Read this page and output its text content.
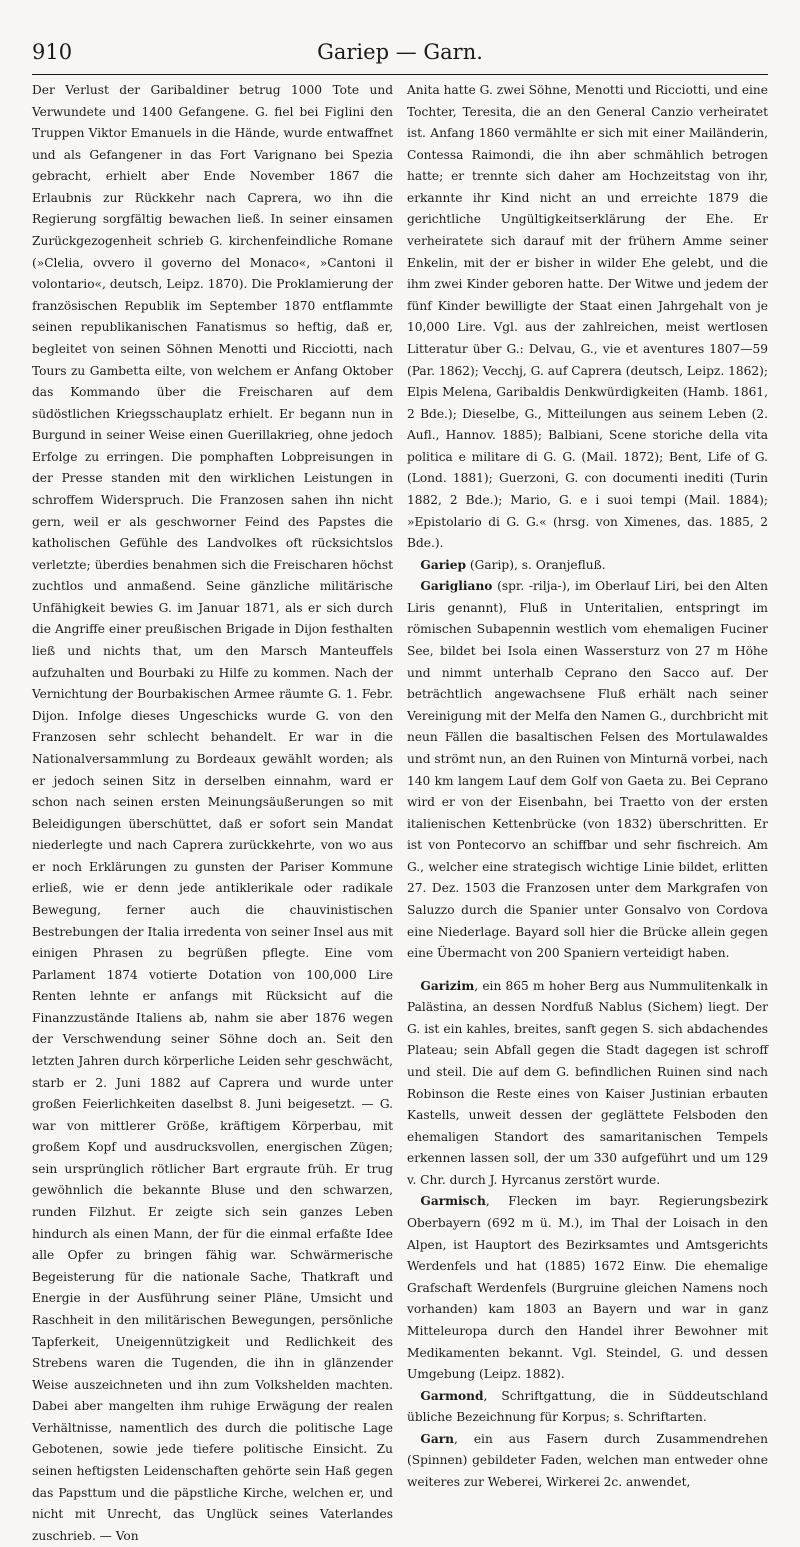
910	Gariep — Garn.

Der Verlust der Garibaldiner betrug 1000 Tote und Verwundete und 1400 Gefangene. G. fiel bei Figlini den Truppen Viktor Emanuels in die Hände, wurde entwaffnet und als Gefangener in das Fort Varignano bei Spezia gebracht, erhielt aber Ende November 1867 die Erlaubnis zur Rückkehr nach Caprera, wo ihn die Regierung sorgfältig bewachen ließ. In seiner einsamen Zurückgezogenheit schrieb G. kirchenfeindliche Romane (»Clelia, ovvero il governo del Monaco«, »Cantoni il volontario«, deutsch, Leipz. 1870). Die Proklamierung der französischen Republik im September 1870 entflammte seinen republikanischen Fanatismus so heftig, daß er, begleitet von seinen Söhnen Menotti und Ricciotti, nach Tours zu Gambetta eilte, von welchem er Anfang Oktober das Kommando über die Freischaren auf dem südöstlichen Kriegsschauplatz erhielt. Er begann nun in Burgund in seiner Weise einen Guerillakrieg, ohne jedoch Erfolge zu erringen. Die pomphaften Lobpreisungen in der Presse standen mit den wirklichen Leistungen in schroffem Widerspruch. Die Franzosen sahen ihn nicht gern, weil er als geschworner Feind des Papstes die katholischen Gefühle des Landvolkes oft rücksichtslos verletzte; überdies benahmen sich die Freischaren höchst zuchtlos und anmaßend. Seine gänzliche militärische Unfähigkeit bewies G. im Januar 1871, als er sich durch die Angriffe einer preußischen Brigade in Dijon festhalten ließ und nichts that, um den Marsch Manteuffels aufzuhalten und Bourbaki zu Hilfe zu kommen. Nach der Vernichtung der Bourbakischen Armee räumte G. 1. Febr. Dijon. Infolge dieses Ungeschicks wurde G. von den Franzosen sehr schlecht behandelt. Er war in die Nationalversammlung zu Bordeaux gewählt worden; als er jedoch seinen Sitz in derselben einnahm, ward er schon nach seinen ersten Meinungsäußerungen so mit Beleidigungen überschüttet, daß er sofort sein Mandat niederlegte und nach Caprera zurückkehrte, von wo aus er noch Erklärungen zu gunsten der Pariser Kommune erließ, wie er denn jede antiklerikale oder radikale Bewegung, ferner auch die chauvinistischen Bestrebungen der Italia irredenta von seiner Insel aus mit einigen Phrasen zu begrüßen pflegte. Eine vom Parlament 1874 votierte Dotation von 100,000 Lire Renten lehnte er anfangs mit Rücksicht auf die Finanzzustände Italiens ab, nahm sie aber 1876 wegen der Verschwendung seiner Söhne doch an. Seit den letzten Jahren durch körperliche Leiden sehr geschwächt, starb er 2. Juni 1882 auf Caprera und wurde unter großen Feierlichkeiten daselbst 8. Juni beigesetzt. — G. war von mittlerer Größe, kräftigem Körperbau, mit großem Kopf und ausdrucksvollen, energischen Zügen; sein ursprünglich rötlicher Bart ergraute früh. Er trug gewöhnlich die bekannte Bluse und den schwarzen, runden Filzhut. Er zeigte sich sein ganzes Leben hindurch als einen Mann, der für die einmal erfaßte Idee alle Opfer zu bringen fähig war. Schwärmerische Begeisterung für die nationale Sache, Thatkraft und Energie in der Ausführung seiner Pläne, Umsicht und Raschheit in den militärischen Bewegungen, persönliche Tapferkeit, Uneigennützigkeit und Redlichkeit des Strebens waren die Tugenden, die ihn in glänzender Weise auszeichneten und ihn zum Volkshelden machten. Dabei aber mangelten ihm ruhige Erwägung der realen Verhältnisse, namentlich des durch die politische Lage Gebotenen, sowie jede tiefere politische Einsicht. Zu seinen heftigsten Leidenschaften gehörte sein Haß gegen das Papsttum und die päpstliche Kirche, welchen er, und nicht mit Unrecht, das Unglück seines Vaterlandes zuschrieb. — Von

Anita hatte G. zwei Söhne, Menotti und Ricciotti, und eine Tochter, Teresita, die an den General Canzio verheiratet ist. Anfang 1860 vermählte er sich mit einer Mailänderin, Contessa Raimondi, die ihn aber schmählich betrogen hatte; er trennte sich daher am Hochzeitstag von ihr, erkannte ihr Kind nicht an und erreichte 1879 die gerichtliche Ungültigkeitserklärung der Ehe. Er verheiratete sich darauf mit der frühern Amme seiner Enkelin, mit der er bisher in wilder Ehe gelebt, und die ihm zwei Kinder geboren hatte. Der Witwe und jedem der fünf Kinder bewilligte der Staat einen Jahrgehalt von je 10,000 Lire. Vgl. aus der zahlreichen, meist wertlosen Litteratur über G.: Delvau, G., vie et aventures 1807—59 (Par. 1862); Vecchj, G. auf Caprera (deutsch, Leipz. 1862); Elpis Melena, Garibaldis Denkwürdigkeiten (Hamb. 1861, 2 Bde.); Dieselbe, G., Mitteilungen aus seinem Leben (2. Aufl., Hannov. 1885); Balbiani, Scene storiche della vita politica e militare di G. G. (Mail. 1872); Bent, Life of G. (Lond. 1881); Guerzoni, G. con documenti inediti (Turin 1882, 2 Bde.); Mario, G. e i suoi tempi (Mail. 1884); »Epistolario di G. G.« (hrsg. von Ximenes, das. 1885, 2 Bde.).

Gariep (Garip), s. Oranjefluß.

Garigliano (spr. -rilja-), im Oberlauf Liri, bei den Alten Liris genannt), Fluß in Unteritalien, entspringt im römischen Subapennin westlich vom ehemaligen Fuciner See, bildet bei Isola einen Wassersturz von 27 m Höhe und nimmt unterhalb Ceprano den Sacco auf. Der beträchtlich angewachsene Fluß erhält nach seiner Vereinigung mit der Melfa den Namen G., durchbricht mit neun Fällen die basaltischen Felsen des Mortulawaldes und strömt nun, an den Ruinen von Minturnä vorbei, nach 140 km langem Lauf dem Golf von Gaeta zu. Bei Ceprano wird er von der Eisenbahn, bei Traetto von der ersten italienischen Kettenbrücke (von 1832) überschritten. Er ist von Pontecorvo an schiffbar und sehr fischreich. Am G., welcher eine strategisch wichtige Linie bildet, erlitten 27. Dez. 1503 die Franzosen unter dem Markgrafen von Saluzzo durch die Spanier unter Gonsalvo von Cordova eine Niederlage. Bayard soll hier die Brücke allein gegen eine Übermacht von 200 Spaniern verteidigt haben.

Garizim, ein 865 m hoher Berg aus Nummulitenkalk in Palästina, an dessen Nordfuß Nablus (Sichem) liegt. Der G. ist ein kahles, breites, sanft gegen S. sich abdachendes Plateau; sein Abfall gegen die Stadt dagegen ist schroff und steil. Die auf dem G. befindlichen Ruinen sind nach Robinson die Reste eines von Kaiser Justinian erbauten Kastells, unweit dessen der geglättete Felsboden den ehemaligen Standort des samaritanischen Tempels erkennen lassen soll, der um 330 aufgeführt und um 129 v. Chr. durch J. Hyrcanus zerstört wurde.

Garmisch, Flecken im bayr. Regierungsbezirk Oberbayern (692 m ü. M.), im Thal der Loisach in den Alpen, ist Hauptort des Bezirksamtes und Amtsgerichts Werdenfels und hat (1885) 1672 Einw. Die ehemalige Grafschaft Werdenfels (Burgruine gleichen Namens noch vorhanden) kam 1803 an Bayern und war in ganz Mitteleuropa durch den Handel ihrer Bewohner mit Medikamenten bekannt. Vgl. Steindel, G. und dessen Umgebung (Leipz. 1882).

Garmond, Schriftgattung, die in Süddeutschland übliche Bezeichnung für Korpus; s. Schriftarten.

Garn, ein aus Fasern durch Zusammendrehen (Spinnen) gebildeter Faden, welchen man entweder ohne weiteres zur Weberei, Wirkerei 2c. anwendet,
